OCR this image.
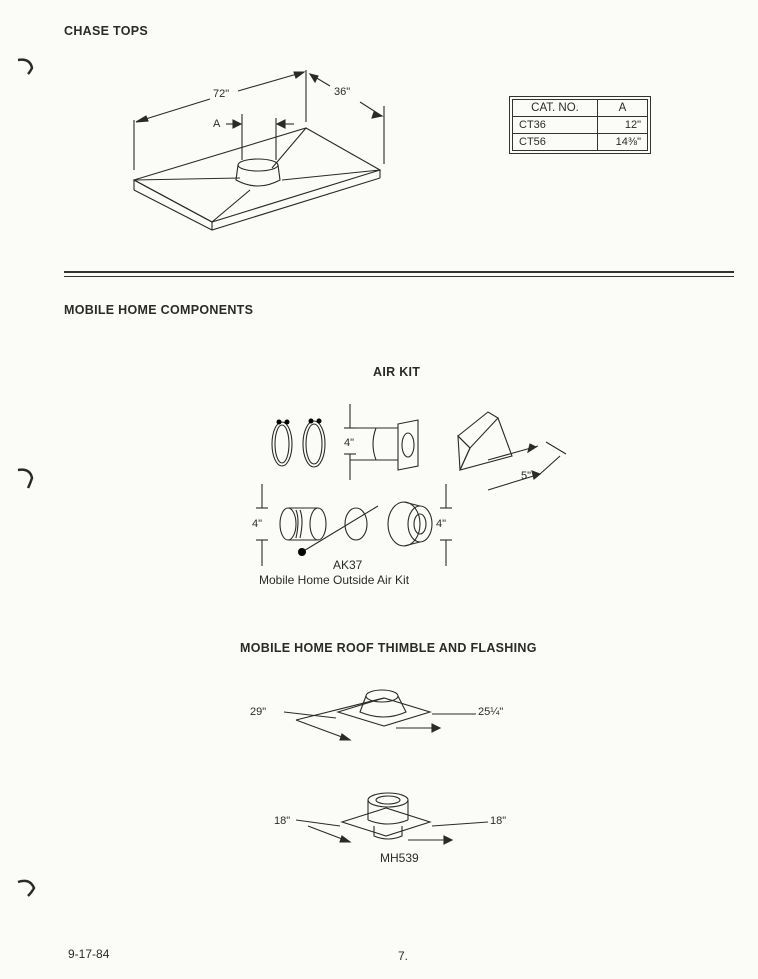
CHASE TOPS
72"	36"
A
CAT. NO.	A
CT36	12"
CT56	14⅜"
MOBILE HOME COMPONENTS
AIR KIT
4"
5"
4"	4"
AK37
Mobile Home Outside Air Kit
MOBILE HOME ROOF THIMBLE AND FLASHING
29"	25¼"
18"	18"
MH539
9-17-84	7.
